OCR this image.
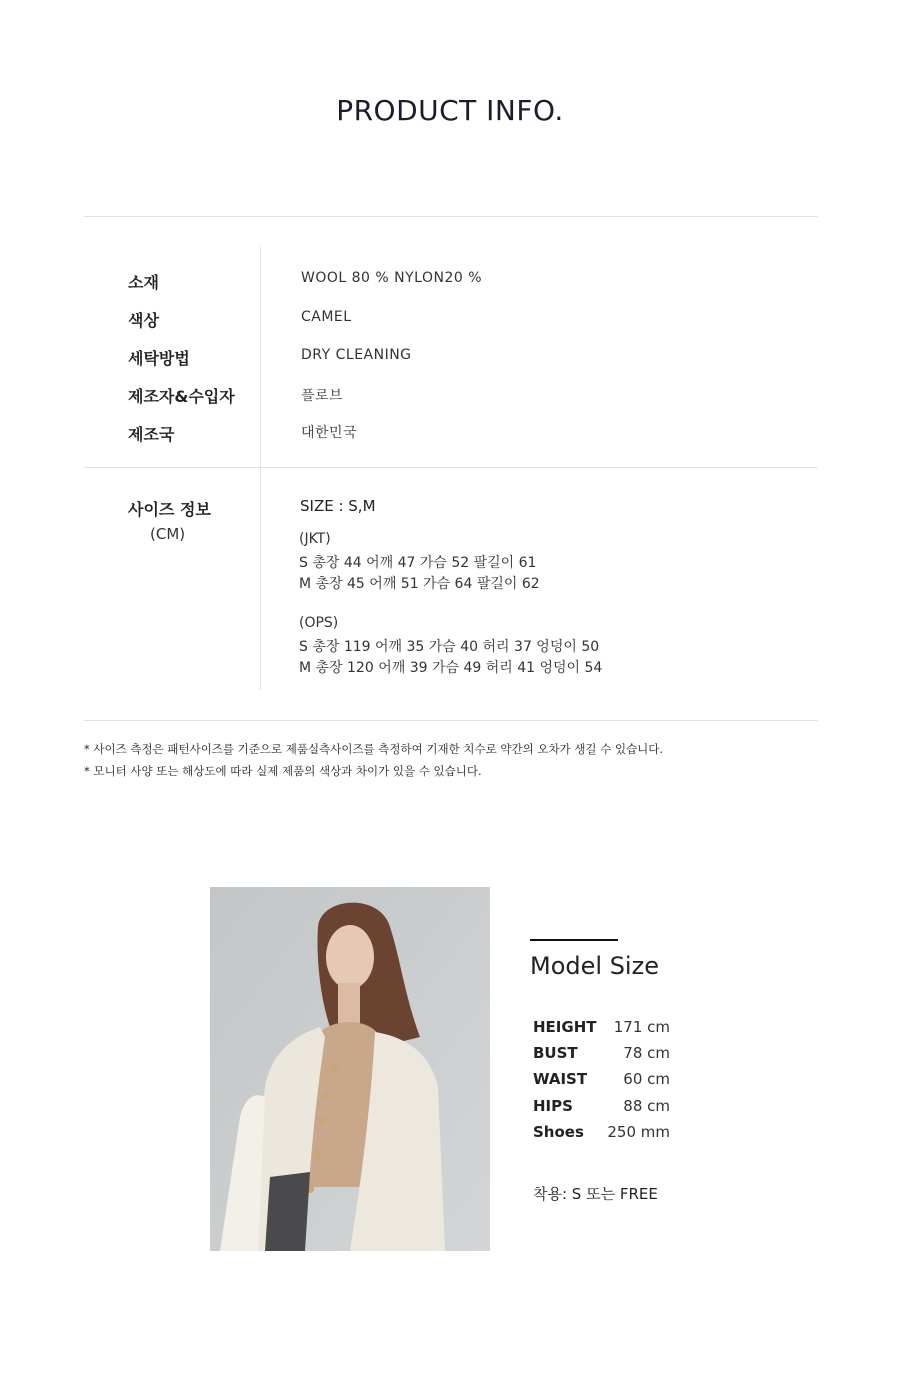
PRODUCT INFO.
소재	WOOL 80 % NYLON20 %
색상	CAMEL
세탁방법	DRY CLEANING
제조자&수입자	플로브
제조국	대한민국
사이즈 정보
(CM)
SIZE : S,M
(JKT)
S 총장 44 어깨 47 가슴 52 팔길이 61
M 총장 45 어깨 51 가슴 64 팔길이 62
(OPS)
S 총장 119 어깨 35 가슴 40 허리 37 엉덩이 50
M 총장 120 어깨 39 가슴 49 허리 41 엉덩이 54
* 사이즈 측정은 패턴사이즈를 기준으로 제품실측사이즈를 측정하여 기재한 치수로 약간의 오차가 생길 수 있습니다.
* 모니터 사양 또는 해상도에 따라 실제 제품의 색상과 차이가 있을 수 있습니다.
Model Size
HEIGHT 171 cm
BUST	78 cm
WAIST 60 cm
HIPS	88 cm
Shoes 250 mm
착용: S 또는 FREE
